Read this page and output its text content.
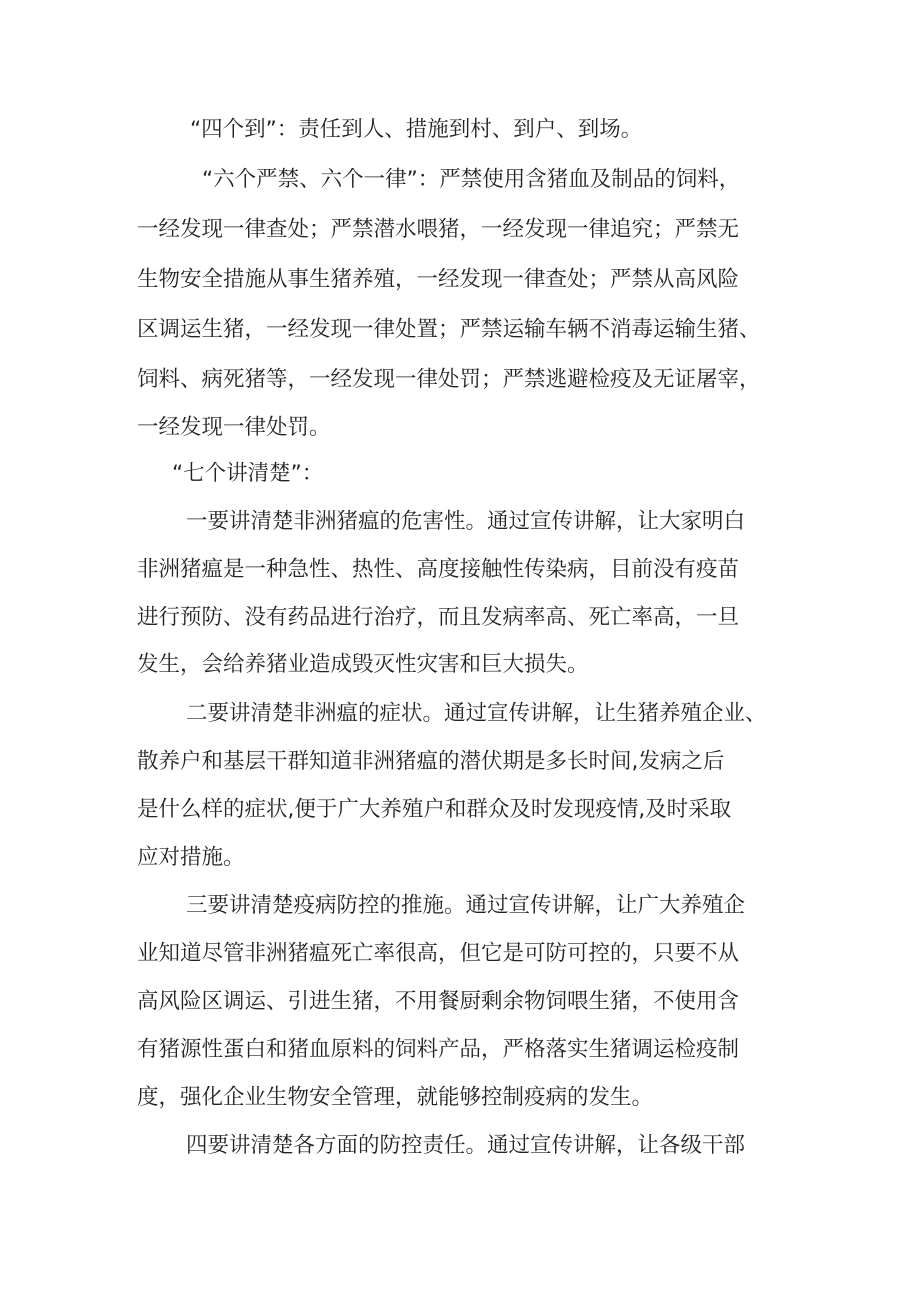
“四个到”：责任到人、措施到村、到户、到场。
“六个严禁、六个一律”：严禁使用含猪血及制品的饲料，
一经发现一律查处；严禁潜水喂猪，一经发现一律追究；严禁无
生物安全措施从事生猪养殖，一经发现一律查处；严禁从高风险
区调运生猪，一经发现一律处置；严禁运输车辆不消毒运输生猪、
饲料、病死猪等，一经发现一律处罚；严禁逃避检疫及无证屠宰，
一经发现一律处罚。
“七个讲清楚”：
一要讲清楚非洲猪瘟的危害性。通过宣传讲解，让大家明白
非洲猪瘟是一种急性、热性、高度接触性传染病，目前没有疫苗
进行预防、没有药品进行治疗，而且发病率高、死亡率高，一旦
发生，会给养猪业造成毁灭性灾害和巨大损失。
二要讲清楚非洲瘟的症状。通过宣传讲解，让生猪养殖企业、
散养户和基层干群知道非洲猪瘟的潜伏期是多长时间,发病之后
是什么样的症状,便于广大养殖户和群众及时发现疫情,及时采取
应对措施。
三要讲清楚疫病防控的推施。通过宣传讲解，让广大养殖企
业知道尽管非洲猪瘟死亡率很高，但它是可防可控的，只要不从
高风险区调运、引进生猪，不用餐厨剩余物饲喂生猪，不使用含
有猪源性蛋白和猪血原料的饲料产品，严格落实生猪调运检疫制
度，强化企业生物安全管理，就能够控制疫病的发生。
四要讲清楚各方面的防控责任。通过宣传讲解，让各级干部
